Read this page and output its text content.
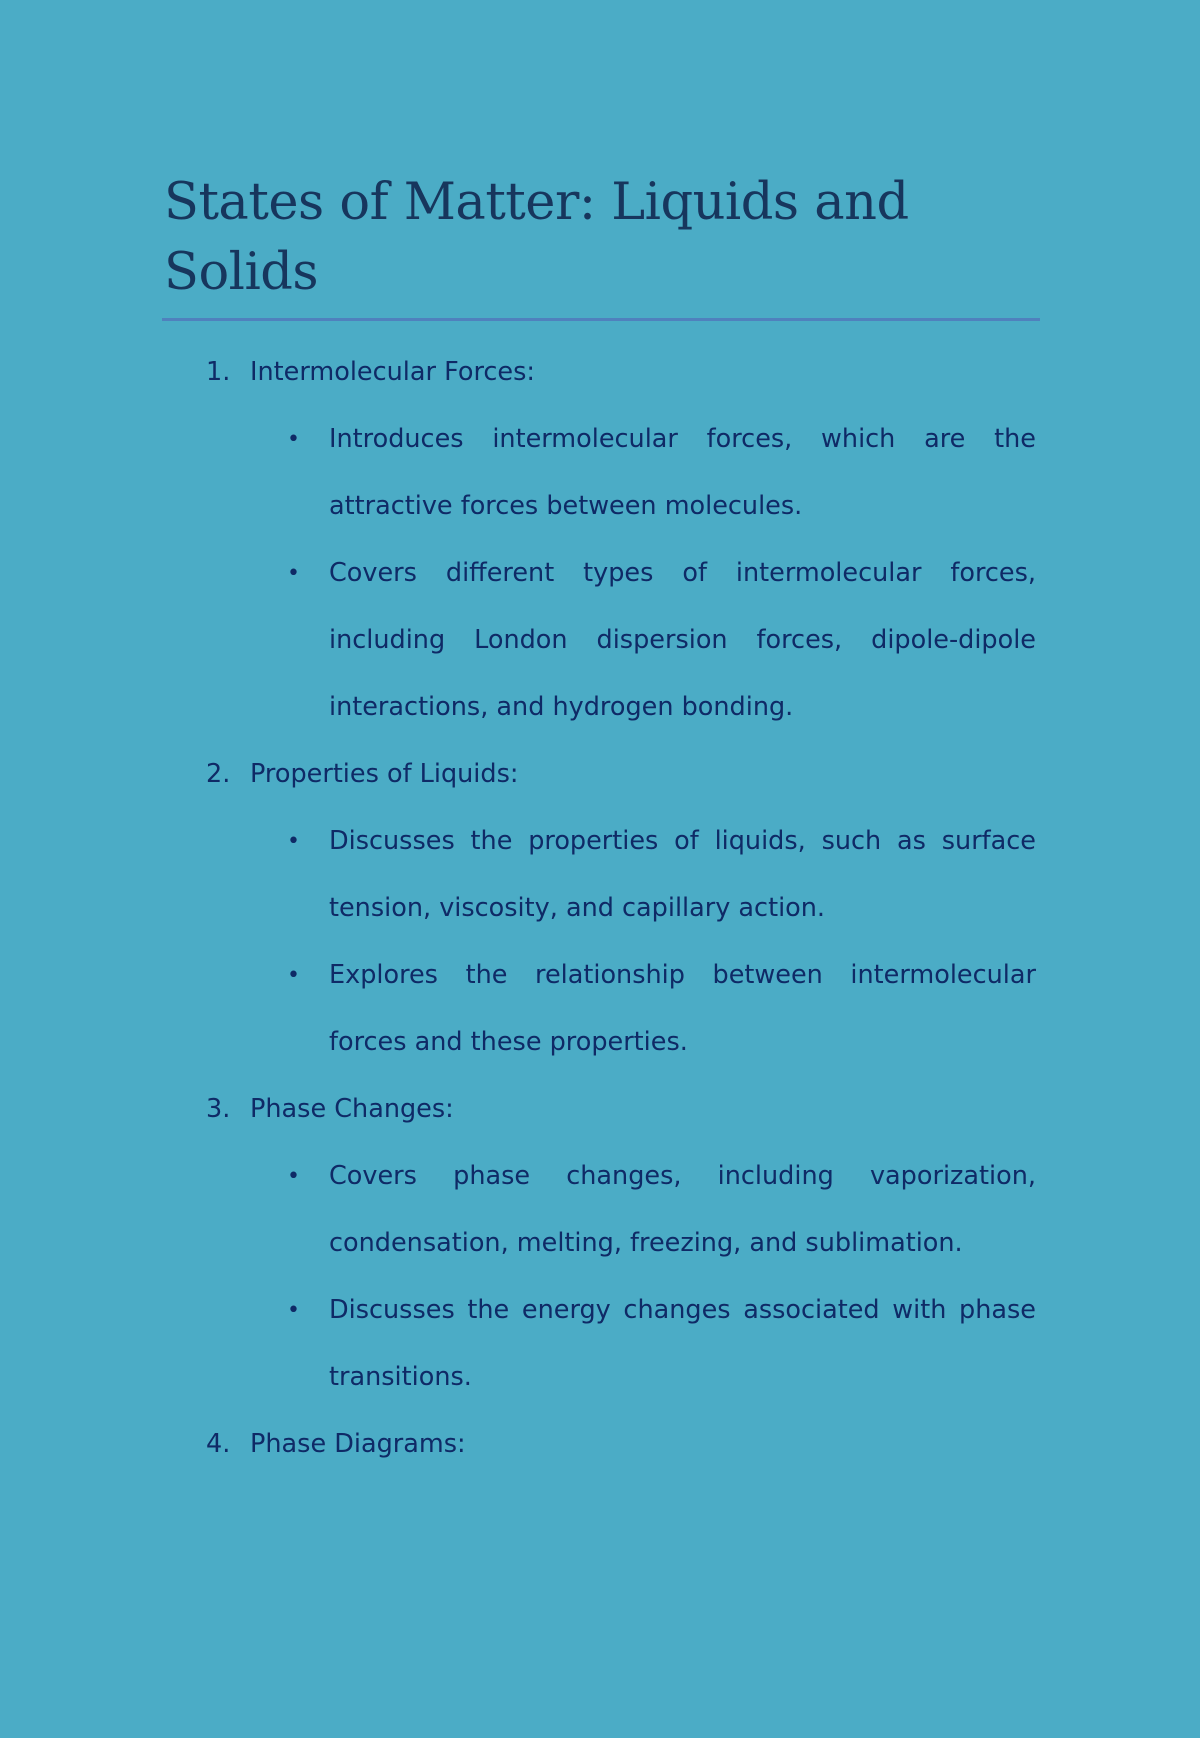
States of Matter: Liquids and Solids
1. Intermolecular Forces:
•	Introduces intermolecular forces, which are the attractive forces between molecules.

•	Covers different types of intermolecular forces, including London dispersion forces, dipole-dipole interactions, and hydrogen bonding.

2. Properties of Liquids:
•	Discusses the properties of liquids, such as surface tension, viscosity, and capillary action.

•	Explores the relationship between intermolecular forces and these properties.

3. Phase Changes:
•	Covers phase changes, including vaporization, condensation, melting, freezing, and sublimation.

•	Discusses the energy changes associated with phase transitions.

4. Phase Diagrams:
